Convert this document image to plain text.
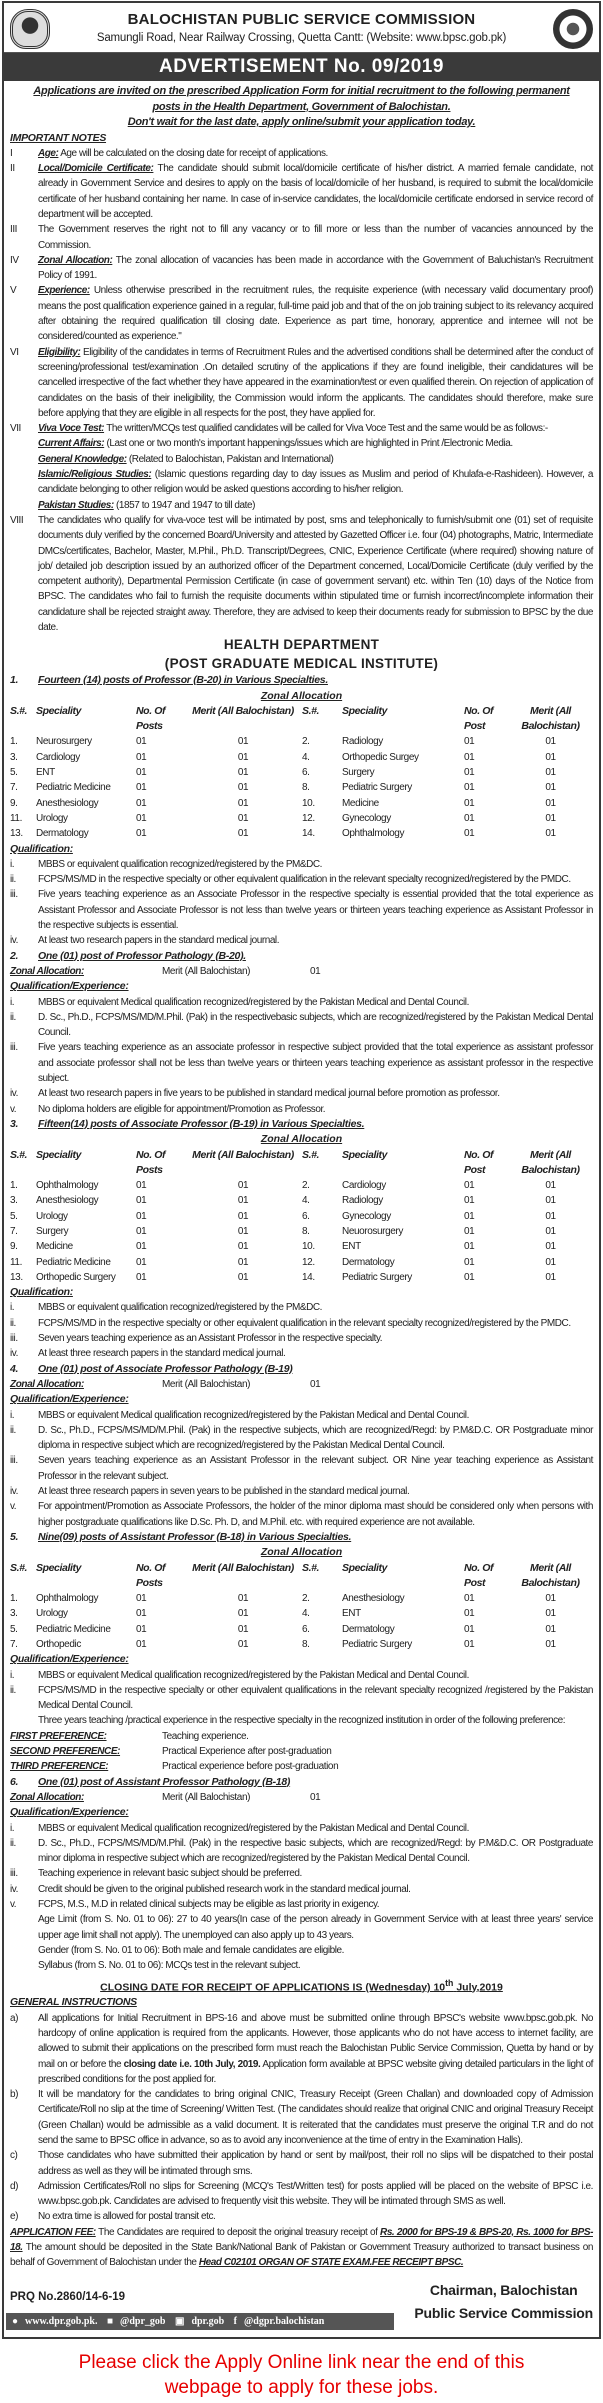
BALOCHISTAN PUBLIC SERVICE COMMISSION
Samungli Road, Near Railway Crossing, Quetta Cantt: (Website: www.bpsc.gob.pk)
ADVERTISEMENT No. 09/2019
Applications are invited on the prescribed Application Form for initial recruitment to the following permanent
posts in the Health Department, Government of Balochistan.
Don't wait for the last date, apply online/submit your application today.
IMPORTANT NOTES
I	Age: Age will be calculated on the closing date for receipt of applications.
II	Local/Domicile Certificate: The candidate should submit local/domicile certificate of his/her district. A married female candidate, not already in Government Service and desires to apply on the basis of local/domicile of her husband, is required to submit the local/domicile certificate of her husband containing her name. In case of in-service candidates, the local/domicile certificate endorsed in service record of department will be accepted.
III	The Government reserves the right not to fill any vacancy or to fill more or less than the number of vacancies announced by the Commission.
IV	Zonal Allocation: The zonal allocation of vacancies has been made in accordance with the Government of Baluchistan's Recruitment Policy of 1991.
V	Experience: Unless otherwise prescribed in the recruitment rules, the requisite experience (with necessary valid documentary proof) means the post qualification experience gained in a regular, full-time paid job and that of the on job training subject to its relevancy acquired after obtaining the required qualification till closing date. Experience as part time, honorary, apprentice and internee will not be considered/counted as experience."
VI	Eligibility: Eligibility of the candidates in terms of Recruitment Rules and the advertised conditions shall be determined after the conduct of screening/professional test/examination .On detailed scrutiny of the applications if they are found ineligible, their candidatures will be cancelled irrespective of the fact whether they have appeared in the examination/test or even qualified therein. On rejection of application of candidates on the basis of their ineligibility, the Commission would inform the applicants. The candidates should therefore, make sure before applying that they are eligible in all respects for the post, they have applied for.
VII	Viva Voce Test: The written/MCQs test qualified candidates will be called for Viva Voce Test and the same would be as follows:-
Current Affairs: (Last one or two month's important happenings/issues which are highlighted in Print /Electronic Media.
General Knowledge: (Related to Balochistan, Pakistan and International)
Islamic/Religious Studies: (Islamic questions regarding day to day issues as Muslim and period of Khulafa-e-Rashideen). However, a candidate belonging to other religion would be asked questions according to his/her religion.
Pakistan Studies: (1857 to 1947 and 1947 to till date)
VIII	The candidates who qualify for viva-voce test will be intimated by post, sms and telephonically to furnish/submit one (01) set of requisite documents duly verified by the concerned Board/University and attested by Gazetted Officer i.e. four (04) photographs, Matric, Intermediate DMCs/certificates, Bachelor, Master, M.Phil., Ph.D. Transcript/Degrees, CNIC, Experience Certificate (where required) showing nature of job/ detailed job description issued by an authorized officer of the Department concerned, Local/Domicile Certificate (duly verified by the competent authority), Departmental Permission Certificate (in case of government servant) etc. within Ten (10) days of the Notice from BPSC. The candidates who fail to furnish the requisite documents within stipulated time or furnish incorrect/incomplete information their candidature shall be rejected straight away. Therefore, they are advised to keep their documents ready for submission to BPSC by the due date.
HEALTH DEPARTMENT
(POST GRADUATE MEDICAL INSTITUTE)
1.	Fourteen (14) posts of Professor (B-20) in Various Specialties.
Zonal Allocation
S.#.	Speciality	No. Of Posts	Merit (All Balochistan)	S.#.	Speciality	No. Of Post	Merit (All Balochistan)
1.	Neurosurgery	01	01	2.	Radiology	01	01
3.	Cardiology	01	01	4.	Orthopedic Surgey	01	01
5.	ENT	01	01	6.	Surgery	01	01
7.	Pediatric Medicine	01	01	8.	Pediatric Surgery	01	01
9.	Anesthesiology	01	01	10.	Medicine	01	01
11.	Urology	01	01	12.	Gynecology	01	01
13.	Dermatology	01	01	14.	Ophthalmology	01	01
Qualification:
i.	MBBS or equivalent qualification recognized/registered by the PM&DC.
ii.	FCPS/MS/MD in the respective specialty or other equivalent qualification in the relevant specialty recognized/registered by the PMDC.
iii.	Five years teaching experience as an Associate Professor in the respective specialty is essential provided that the total experience as Assistant Professor and Associate Professor is not less than twelve years or thirteen years teaching experience as Assistant Professor in the respective subjects is essential.
iv.	At least two research papers in the standard medical journal.
2.	One (01) post of Professor Pathology (B-20).
Zonal Allocation:	Merit (All Balochistan)	01
Qualification/Experience:
i.	MBBS or equivalent Medical qualification recognized/registered by the Pakistan Medical and Dental Council.
ii.	D. Sc., Ph.D., FCPS/MS/MD/M.Phil. (Pak) in the respectivebasic subjects, which are recognized/registered by the Pakistan Medical Dental Council.
iii.	Five years teaching experience as an associate professor in respective subject provided that the total experience as assistant professor and associate professor shall not be less than twelve years or thirteen years teaching experience as assistant professor in the respective subject.
iv.	At least two research papers in five years to be published in standard medical journal before promotion as professor.
v.	No diploma holders are eligible for appointment/Promotion as Professor.
3.	Fifteen(14) posts of Associate Professor (B-19) in Various Specialties.
Zonal Allocation
S.#.	Speciality	No. Of Posts	Merit (All Balochistan)	S.#.	Speciality	No. Of Post	Merit (All Balochistan)
1.	Ophthalmology	01	01	2.	Cardiology	01	01
3.	Anesthesiology	01	01	4.	Radiology	01	01
5.	Urology	01	01	6.	Gynecology	01	01
7.	Surgery	01	01	8.	Neuorosurgery	01	01
9.	Medicine	01	01	10.	ENT	01	01
11.	Pediatric Medicine	01	01	12.	Dermatology	01	01
13.	Orthopedic Surgery	01	01	14.	Pediatric Surgery	01	01
Qualification:
i.	MBBS or equivalent qualification recognized/registered by the PM&DC.
ii.	FCPS/MS/MD in the respective specialty or other equivalent qualification in the relevant specialty recognized/registered by the PMDC.
iii.	Seven years teaching experience as an Assistant Professor in the respective specialty.
iv.	At least three research papers in the standard medical journal.
4.	One (01) post of Associate Professor Pathology (B-19)
Zonal Allocation:	Merit (All Balochistan)	01
Qualification/Experience:
i.	MBBS or equivalent Medical qualification recognized/registered by the Pakistan Medical and Dental Council.
ii.	D. Sc., Ph.D., FCPS/MS/MD/M.Phil. (Pak) in the respective subjects, which are recognized/Regd: by P.M&D.C. OR Postgraduate minor diploma in respective subject which are recognized/registered by the Pakistan Medical Dental Council.
iii.	Seven years teaching experience as an Assistant Professor in the relevant subject. OR Nine year teaching experience as Assistant Professor in the relevant subject.
iv.	At least three research papers in seven years to be published in the standard medical journal.
v.	For appointment/Promotion as Associate Professors, the holder of the minor diploma mast should be considered only when persons with higher postgraduate qualifications like D.Sc. Ph. D, and M.Phil. etc. with required experience are not available.
5.	Nine(09) posts of Assistant Professor (B-18) in Various Specialties.
Zonal Allocation
S.#.	Speciality	No. Of Posts	Merit (All Balochistan)	S.#.	Speciality	No. Of Post	Merit (All Balochistan)
1.	Ophthalmology	01	01	2.	Anesthesiology	01	01
3.	Urology	01	01	4.	ENT	01	01
5.	Pediatric Medicine	01	01	6.	Dermatology	01	01
7.	Orthopedic	01	01	8.	Pediatric Surgery	01	01
Qualification/Experience:
i.	MBBS or equivalent Medical qualification recognized/registered by the Pakistan Medical and Dental Council.
ii.	FCPS/MS/MD in the respective specialty or other equivalent qualifications in the relevant specialty recognized /registered by the Pakistan Medical Dental Council.
Three years teaching /practical experience in the respective specialty in the recognized institution in order of the following preference:
FIRST PREFERENCE:	Teaching experience.
SECOND PREFERENCE:	Practical Experience after post-graduation
THIRD PREFERENCE:	Practical experience before post-graduation
6.	One (01) post of Assistant Professor Pathology (B-18)
Zonal Allocation:	Merit (All Balochistan)	01
Qualification/Experience:
i.	MBBS or equivalent Medical qualification recognized/registered by the Pakistan Medical and Dental Council.
ii.	D. Sc., Ph.D., FCPS/MS/MD/M.Phil. (Pak) in the respective basic subjects, which are recognized/Regd: by P.M&D.C. OR Postgraduate minor diploma in respective subject which are recognized/registered by the Pakistan Medical Dental Council.
iii.	Teaching experience in relevant basic subject should be preferred.
iv.	Credit should be given to the original published research work in the standard medical journal.
v.	FCPS, M.S., M.D in related clinical subjects may be eligible as last priority in exigency.
Age Limit (from S. No. 01 to 06): 27 to 40 years(In case of the person already in Government Service with at least three years' service upper age limit shall not apply). The unemployed can also apply up to 43 years.
Gender (from S. No. 01 to 06): Both male and female candidates are eligible.
Syllabus (from S. No. 01 to 06): MCQs test in the relevant subject.
CLOSING DATE FOR RECEIPT OF APPLICATIONS IS (Wednesday) 10th July,2019
GENERAL INSTRUCTIONS
a)	All applications for Initial Recruitment in BPS-16 and above must be submitted online through BPSC's website www.bpsc.gob.pk. No hardcopy of online application is required from the applicants. However, those applicants who do not have access to internet facility, are allowed to submit their applications on the prescribed form must reach the Balochistan Public Service Commission, Quetta by hand or by mail on or before the closing date i.e. 10th July, 2019. Application form available at BPSC website giving detailed particulars in the light of prescribed conditions for the post applied for.
b)	It will be mandatory for the candidates to bring original CNIC, Treasury Receipt (Green Challan) and downloaded copy of Admission Certificate/Roll no slip at the time of Screening/ Written Test. (The candidates should realize that original CNIC and original Treasury Receipt (Green Challan) would be admissible as a valid document. It is reiterated that the candidates must preserve the original T.R and do not send the same to BPSC office in advance, so as to avoid any inconvenience at the time of entry in the Examination Halls).
c)	Those candidates who have submitted their application by hand or sent by mail/post, their roll no slips will be dispatched to their postal address as well as they will be intimated through sms.
d)	Admission Certificates/Roll no slips for Screening (MCQ's Test/Written test) for posts applied will be placed on the website of BPSC i.e. www.bpsc.gob.pk. Candidates are advised to frequently visit this website. They will be intimated through SMS as well.
e)	No extra time is allowed for postal transit etc.
APPLICATION FEE: The Candidates are required to deposit the original treasury receipt of Rs. 2000 for BPS-19 & BPS-20, Rs. 1000 for BPS-18. The amount should be deposited in the State Bank/National Bank of Pakistan or Government Treasury authorized to transact business on behalf of Government of Balochistan under the Head C02101 ORGAN OF STATE EXAM.FEE RECEIPT BPSC.
PRQ No.2860/14-6-19
● www.dpr.gob.pk. ■ @dpr_gob ▣ dpr.gob f @dgpr.balochistan
Chairman, Balochistan
Public Service Commission
Please click the Apply Online link near the end of this
webpage to apply for these jobs.
